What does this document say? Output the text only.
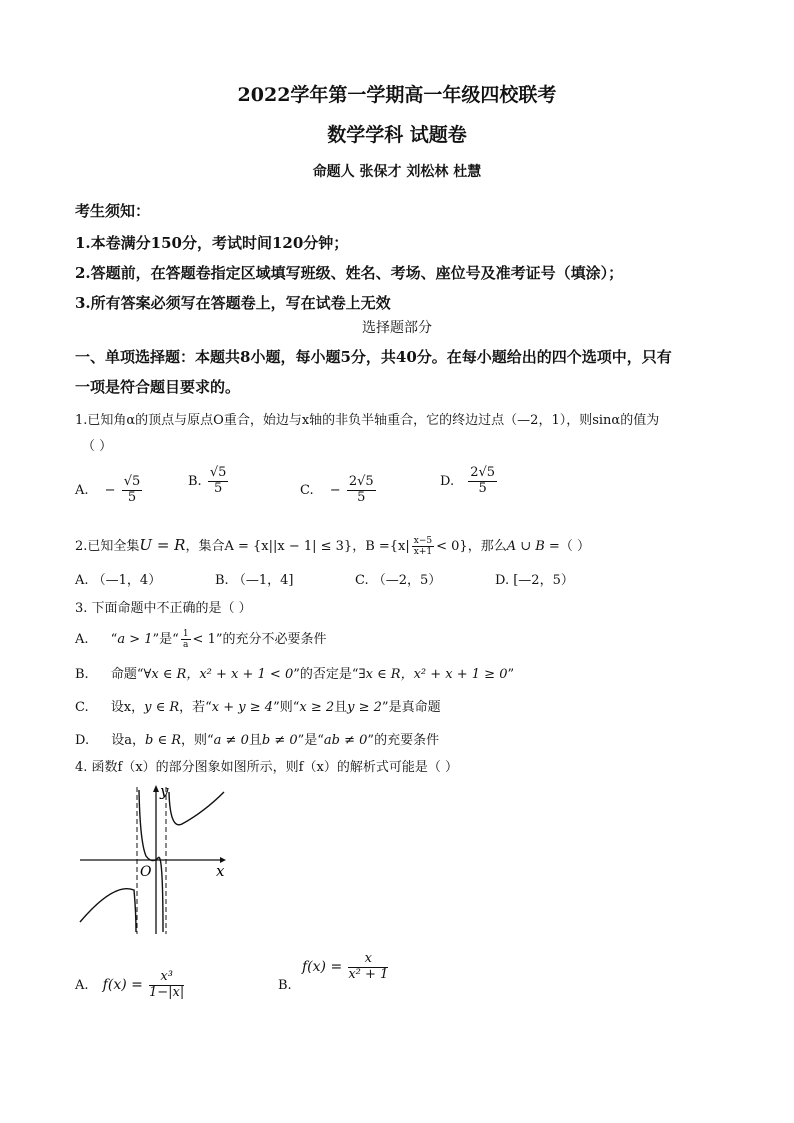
2022学年第一学期高一年级四校联考
数学学科 试题卷
命题人 张保才 刘松林 杜慧
考生须知：
1.本卷满分150分，考试时间120分钟；
2.答题前，在答题卷指定区域填写班级、姓名、考场、座位号及准考证号（填涂）；
3.所有答案必须写在答题卷上，写在试卷上无效
选择题部分
一、单项选择题：本题共8小题，每小题5分，共40分。在每小题给出的四个选项中，只有
一项是符合题目要求的。
1.已知角α的顶点与原点O重合，始边与x轴的非负半轴重合，它的终边过点（—2，1），则sinα的值为
（ ）
A. − $\frac{√5}{5}$	B. $\frac{√5}{5}$	C. − $\frac{2√5}{5}$	D. $\frac{2√5}{5}$
2.已知全集U = R，集合A = {x||x − 1| ≤ 3}，$B =\{x| \frac{x-5}{x+1} < 0\}$，那么A ∪ B =（ ）
A. （—1，4）	B. （—1，4]	C. （—2，5）	D. [—2，5）
3. 下面命题中不正确的是（ ）
A. “a > 1”是“ $\frac{1}{a} < 1$”的充分不必要条件
B. 命题“∀x ∈ R，x² + x + 1 < 0”的否定是“∃x ∈ R，x² + x + 1 ≥ 0”
C. 设x，y ∈ R，若“x + y ≥ 4”则“x ≥ 2且y ≥ 2”是真命题
D. 设a，b ∈ R，则“a ≠ 0且b ≠ 0”是“ab ≠ 0”的充要条件
4. 函数f（x）的部分图象如图所示，则f（x）的解析式可能是（ ）
x
y
O
A. $f(x) = \frac{\text{x³}}{1-|x|}$	B.
$f(x) = \frac{x}{\text{x² + 1}}$
